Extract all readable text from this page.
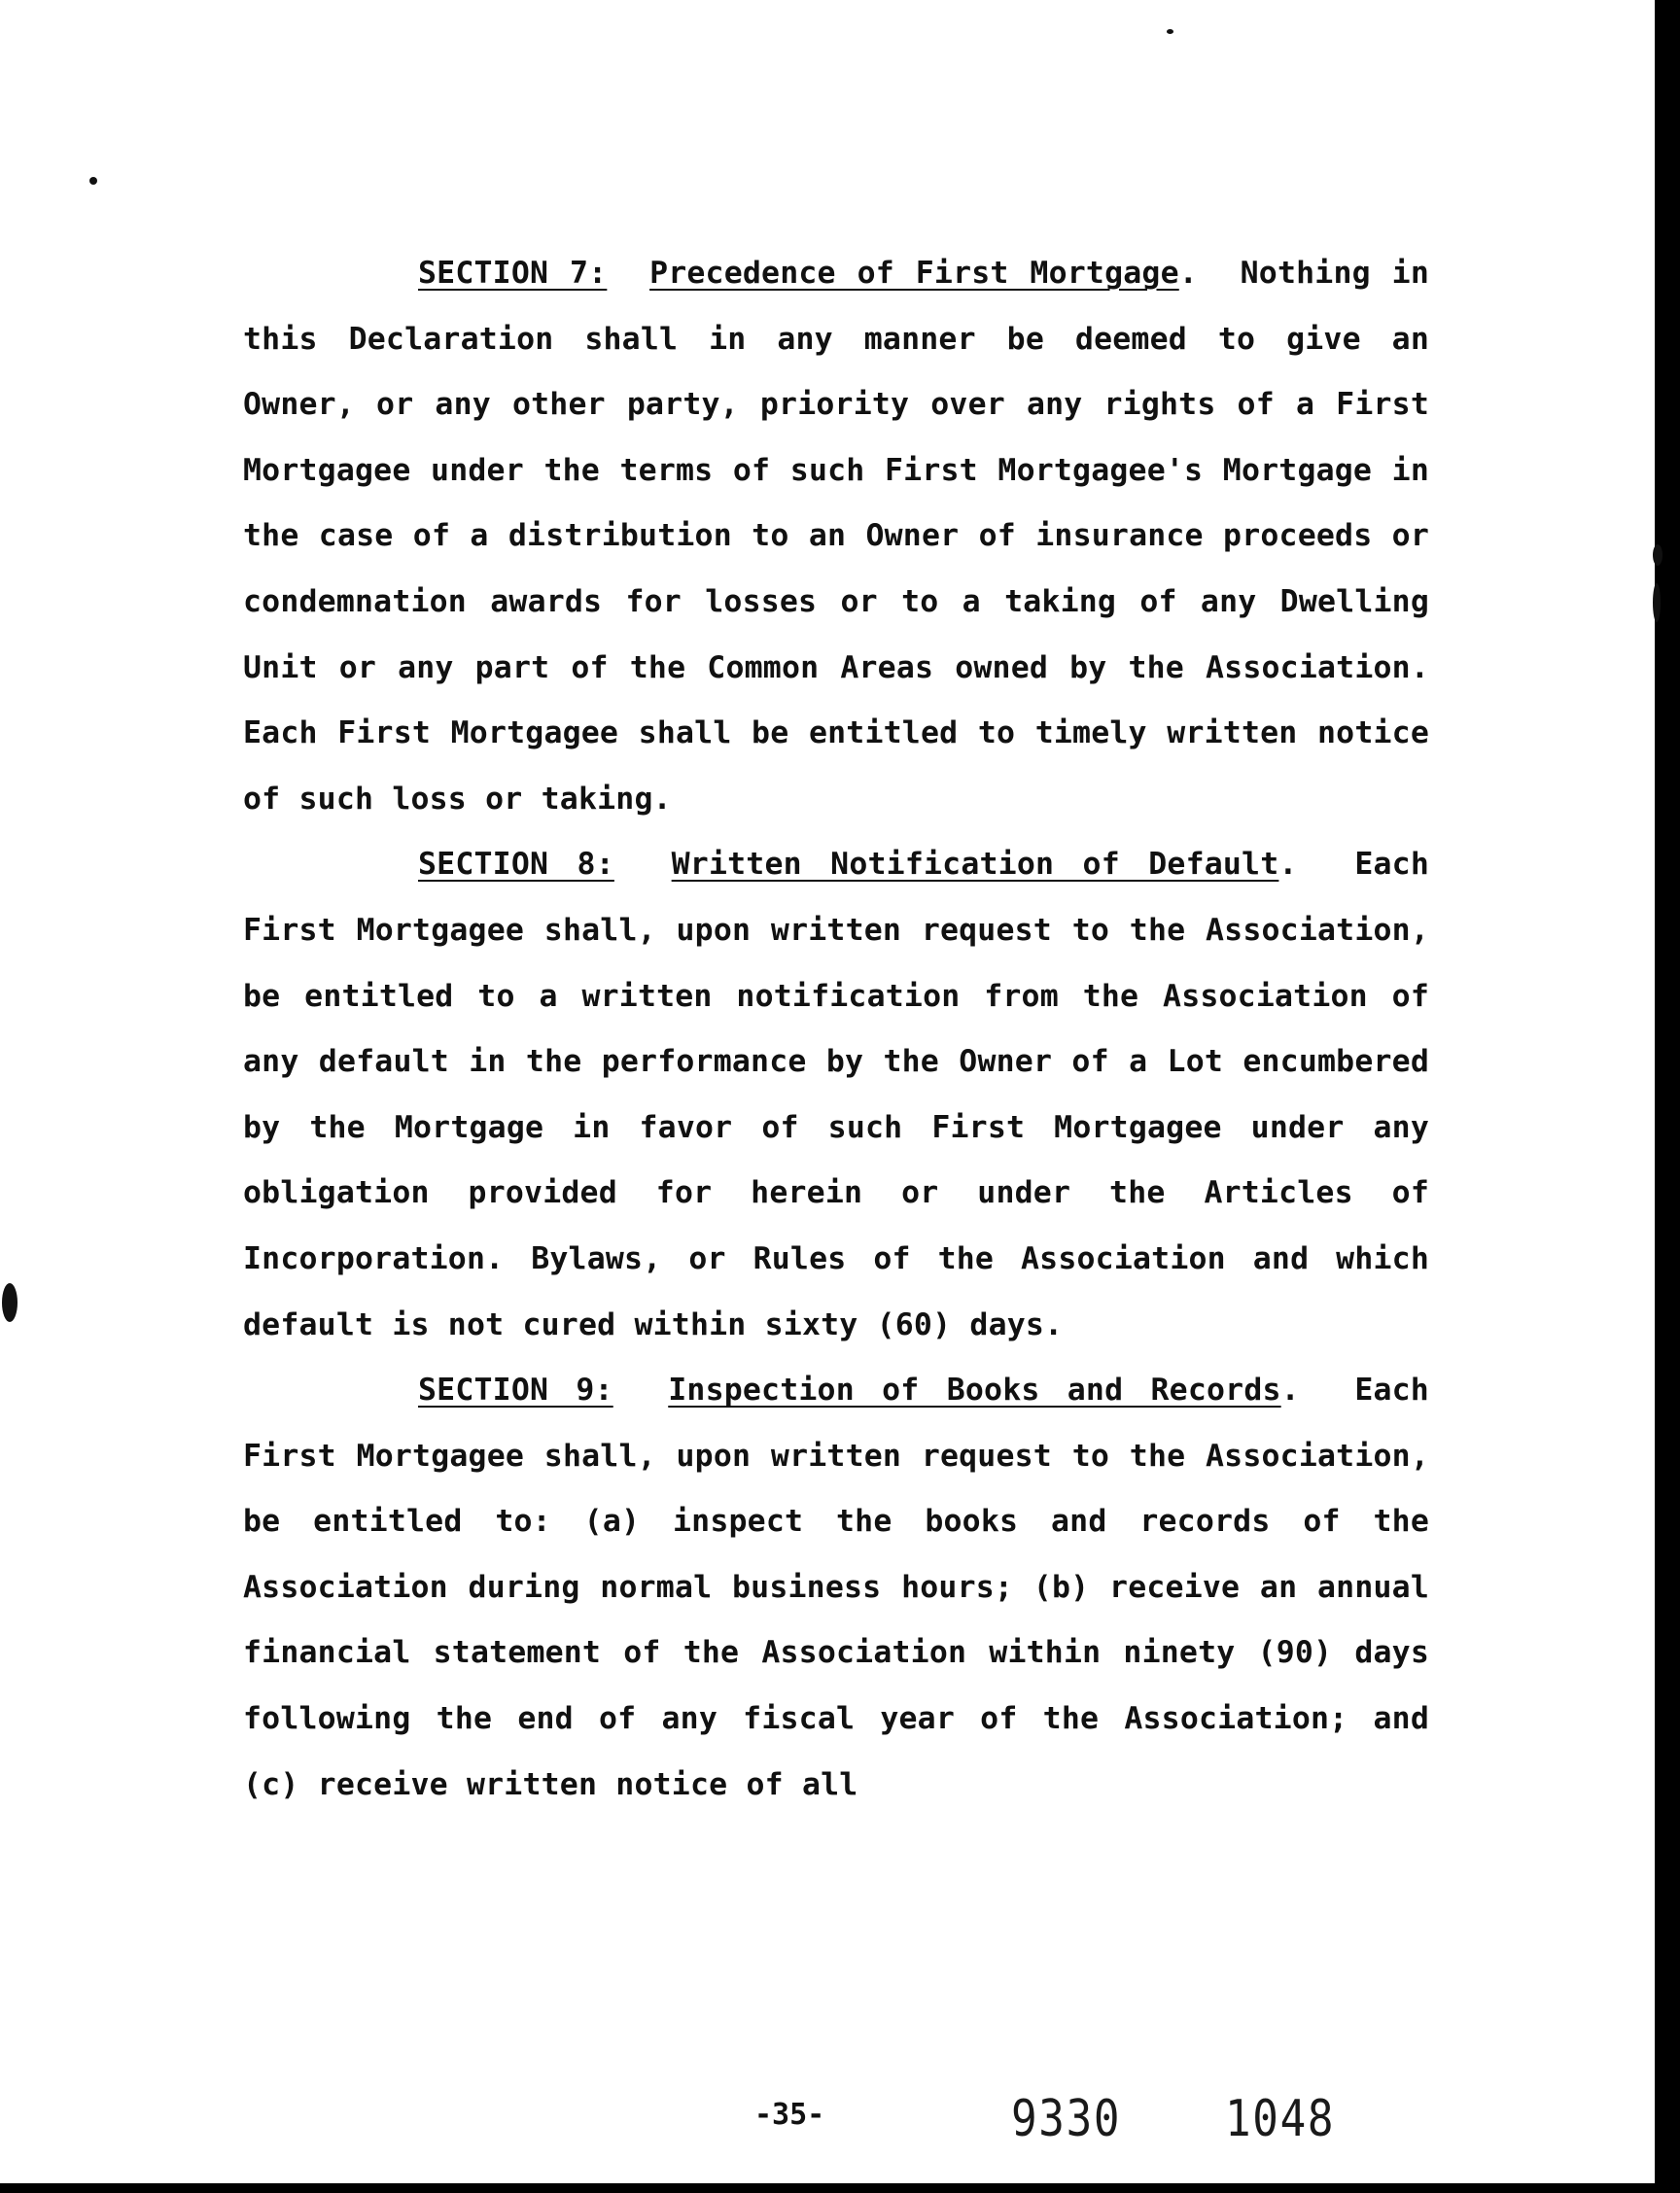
SECTION 7: Precedence of First Mortgage.  Nothing in this Declaration shall in any manner be deemed to give an Owner, or any other party, priority over any rights of a First Mortgagee under the terms of such First Mortgagee's Mortgage in the case of a distribution to an Owner of insurance proceeds or condemnation awards for losses or to a taking of any Dwelling Unit or any part of the Common Areas owned by the Association. Each First Mortgagee shall be entitled to timely written notice of such loss or taking.

SECTION 8: Written Notification of Default.  Each First Mortgagee shall, upon written request to the Association, be entitled to a written notification from the Association of any default in the performance by the Owner of a Lot encumbered by the Mortgage in favor of such First Mortgagee under any obligation provided for herein or under the Articles of Incorporation. Bylaws, or Rules of the Association and which default is not cured within sixty (60) days.

SECTION 9: Inspection of Books and Records.  Each First Mortgagee shall, upon written request to the Association, be entitled to: (a) inspect the books and records of the Association during normal business hours; (b) receive an annual financial statement of the Association within ninety (90) days following the end of any fiscal year of the Association; and (c) receive written notice of all

-35-	9330 1048
